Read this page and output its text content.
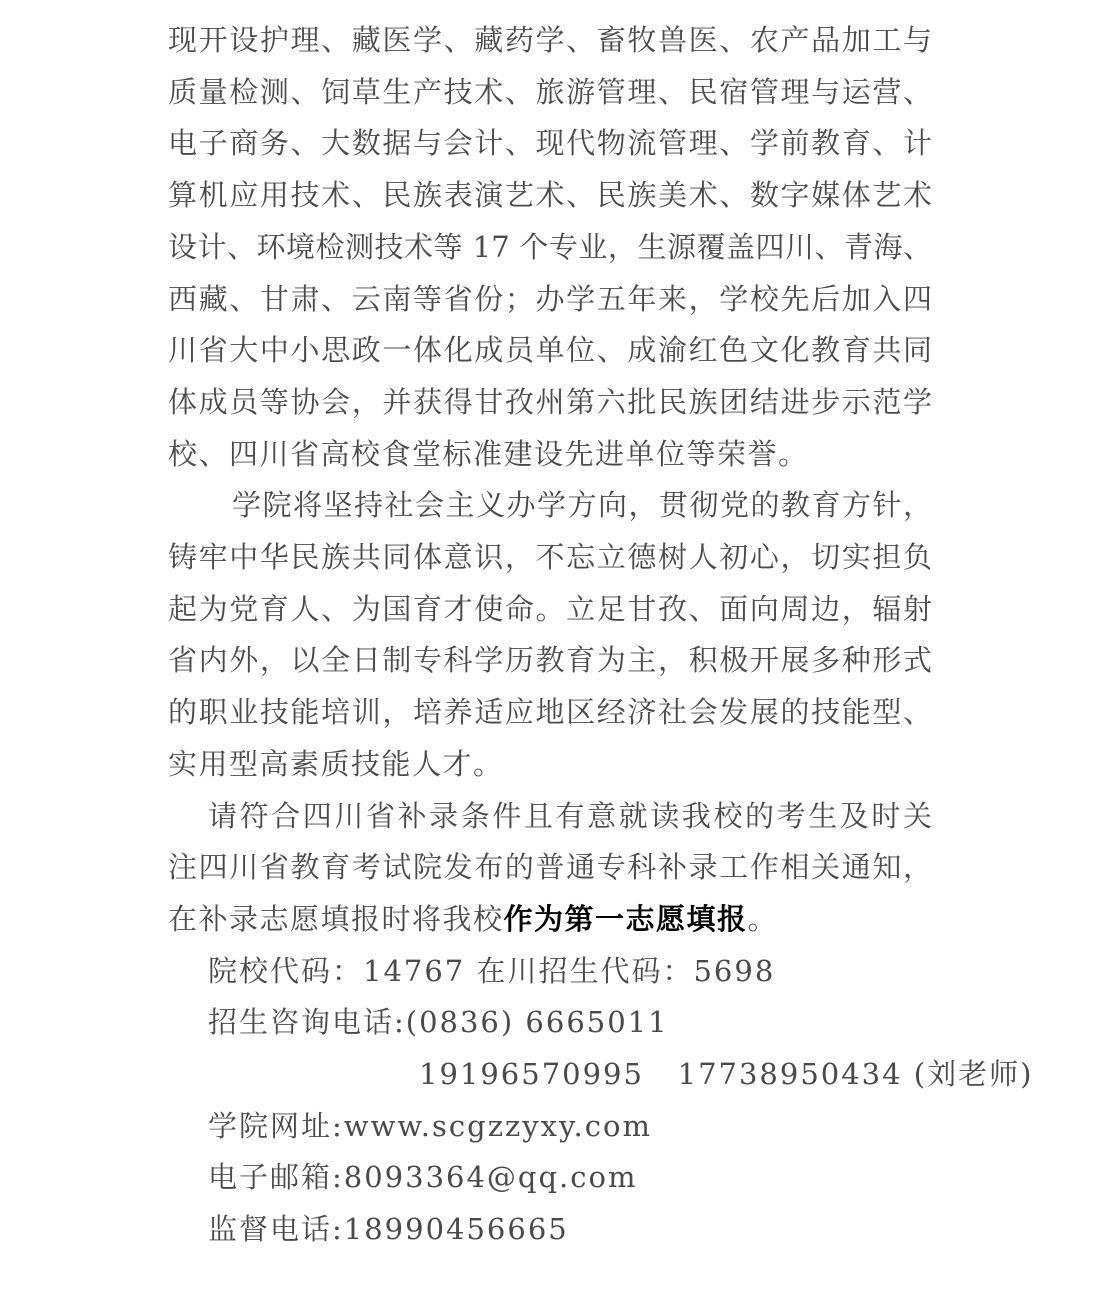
现开设护理、藏医学、藏药学、畜牧兽医、农产品加工与
质量检测、饲草生产技术、旅游管理、民宿管理与运营、
电子商务、大数据与会计、现代物流管理、学前教育、计
算机应用技术、民族表演艺术、民族美术、数字媒体艺术
设计、环境检测技术等 17 个专业，生源覆盖四川、青海、
西藏、甘肃、云南等省份；办学五年来，学校先后加入四
川省大中小思政一体化成员单位、成渝红色文化教育共同
体成员等协会，并获得甘孜州第六批民族团结进步示范学
校、四川省高校食堂标准建设先进单位等荣誉。
学院将坚持社会主义办学方向，贯彻党的教育方针，
铸牢中华民族共同体意识，不忘立德树人初心，切实担负
起为党育人、为国育才使命。立足甘孜、面向周边，辐射
省内外，以全日制专科学历教育为主，积极开展多种形式
的职业技能培训，培养适应地区经济社会发展的技能型、
实用型高素质技能人才。
请符合四川省补录条件且有意就读我校的考生及时关
注四川省教育考试院发布的普通专科补录工作相关通知，
在补录志愿填报时将我校作为第一志愿填报。
院校代码：14767 在川招生代码：5698
招生咨询电话:(0836) 6665011
19196570995   17738950434 (刘老师)
学院网址:www.scgzzyxy.com
电子邮箱:8093364@qq.com
监督电话:18990456665
